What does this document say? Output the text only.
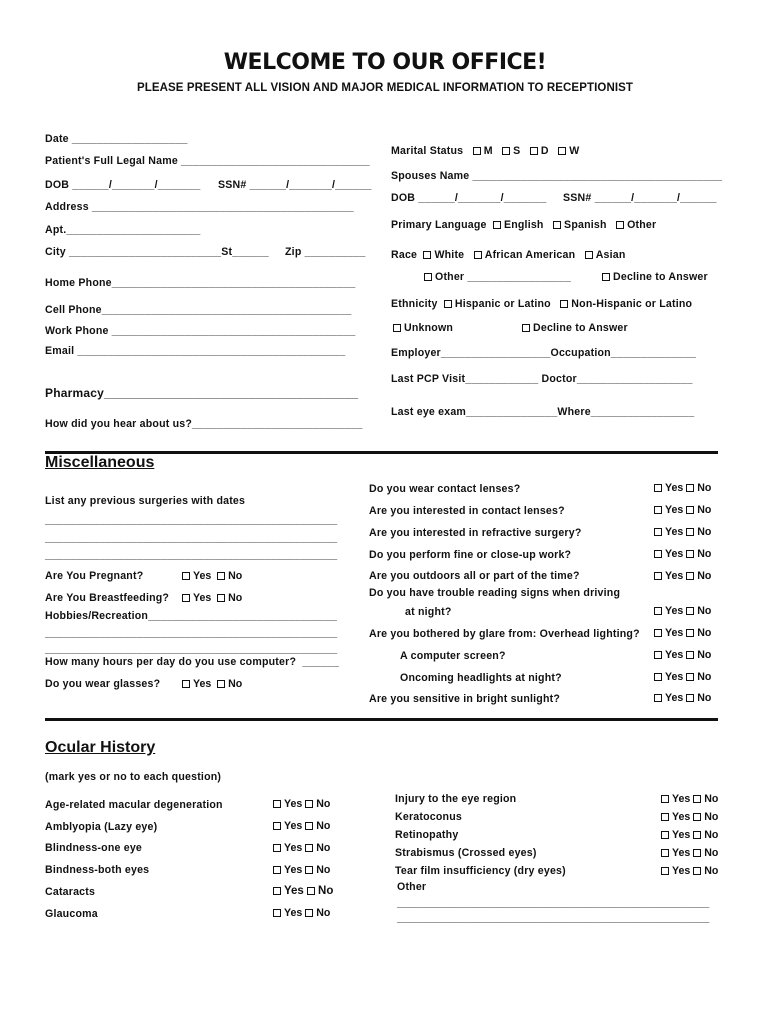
WELCOME TO OUR OFFICE!
PLEASE PRESENT ALL VISION AND MAJOR MEDICAL INFORMATION TO RECEPTIONIST
Date ___________________
Patient's Full Legal Name _______________________________
DOB ______/_______/_______ SSN# ______/_______/______
Address ___________________________________________
Apt.______________________
City _________________________St______ Zip __________
Home Phone________________________________________
Cell Phone_________________________________________
Work Phone ________________________________________
Email ____________________________________________
Pharmacy_____________________________________
How did you hear about us?____________________________
Marital Status M S D W
Spouses Name _________________________________________
DOB ______/_______/_______ SSN# ______/_______/______
Primary Language English Spanish Other
Race White African American Asian
Other _________________	Decline to Answer
Ethnicity Hispanic or Latino Non-Hispanic or Latino
Unknown	Decline to Answer
Employer__________________Occupation______________
Last PCP Visit____________ Doctor___________________
Last eye exam_______________Where_________________
Miscellaneous
List any previous surgeries with dates
________________________________________________
________________________________________________
________________________________________________
Are You Pregnant?	Yes No
Are You Breastfeeding?	Yes No
Hobbies/Recreation_______________________________
________________________________________________
________________________________________________
How many hours per day do you use computer? ______
Do you wear glasses?	Yes No
Do you wear contact lenses?	Yes No
Are you interested in contact lenses?	Yes No
Are you interested in refractive surgery?	Yes No
Do you perform fine or close-up work?	Yes No
Are you outdoors all or part of the time?	Yes No
Do you have trouble reading signs when driving
at night?	Yes No
Are you bothered by glare from: Overhead lighting?	Yes No
A computer screen?	Yes No
Oncoming headlights at night?	Yes No
Are you sensitive in bright sunlight?	Yes No
Ocular History
(mark yes or no to each question)
Age-related macular degeneration	Yes No
Amblyopia (Lazy eye)	Yes No
Blindness-one eye	Yes No
Bindness-both eyes	Yes No
Cataracts	Yes No
Glaucoma	Yes No
Injury to the eye region	Yes No
Keratoconus	Yes No
Retinopathy	Yes No
Strabismus (Crossed eyes)	Yes No
Tear film insufficiency (dry eyes)	Yes No
Other
_____________________________________________________
_____________________________________________________
